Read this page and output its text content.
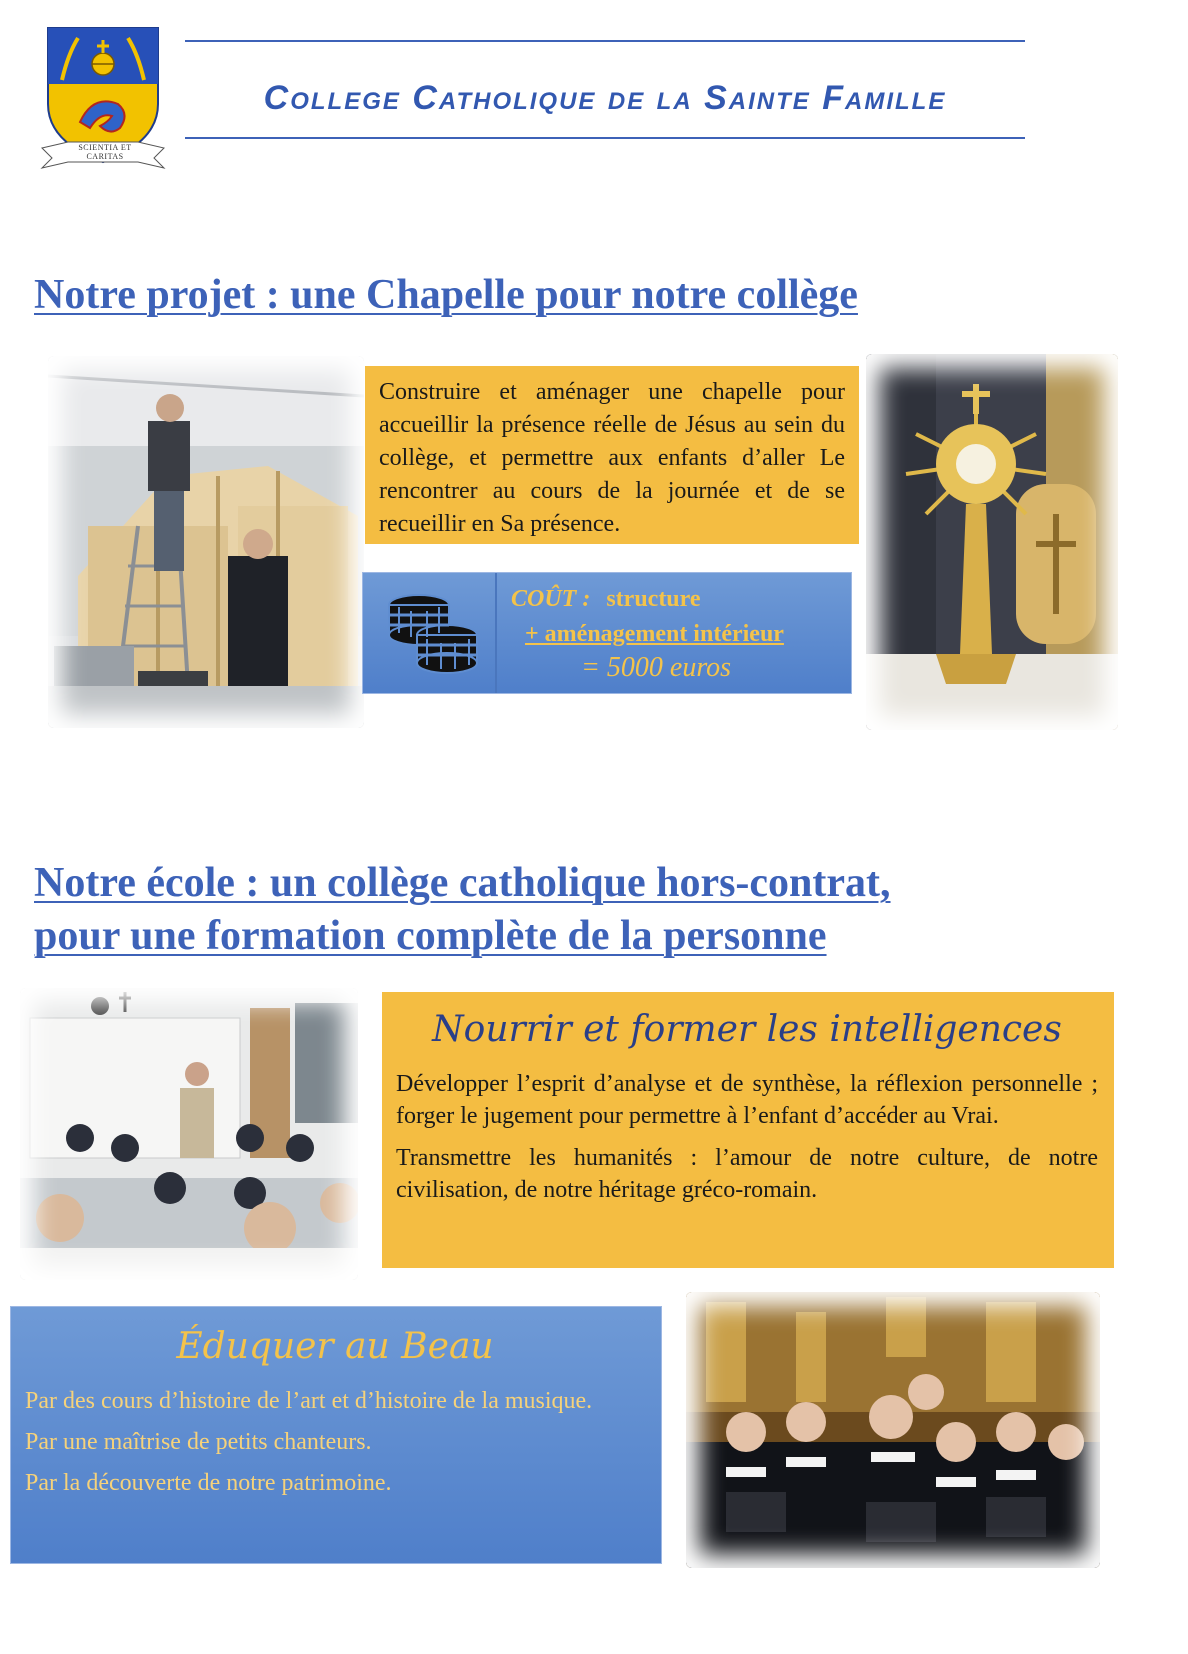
SCIENTIA ET CARITAS
College Catholique de la Sainte Famille
Notre projet : une Chapelle pour notre collège

Construire et aménager une chapelle pour accueillir la présence réelle de Jésus au sein du collège, et permettre aux enfants d’aller Le rencontrer au cours de la journée et de se recueillir en Sa présence.

COÛT : structure
+ aménagement intérieur
= 5000 euros
Notre école : un collège catholique hors-contrat,
pour une formation complète de la personne
Nourrir et former les intelligences

Développer l’esprit d’analyse et de synthèse, la réflexion personnelle ; forger le jugement pour permettre à l’enfant d’accéder au Vrai.

Transmettre les humanités : l’amour de notre culture, de notre civilisation, de notre héritage gréco-romain.

Éduquer au Beau

Par des cours d’histoire de l’art et d’histoire de la musique.

Par une maîtrise de petits chanteurs.

Par la découverte de notre patrimoine.
